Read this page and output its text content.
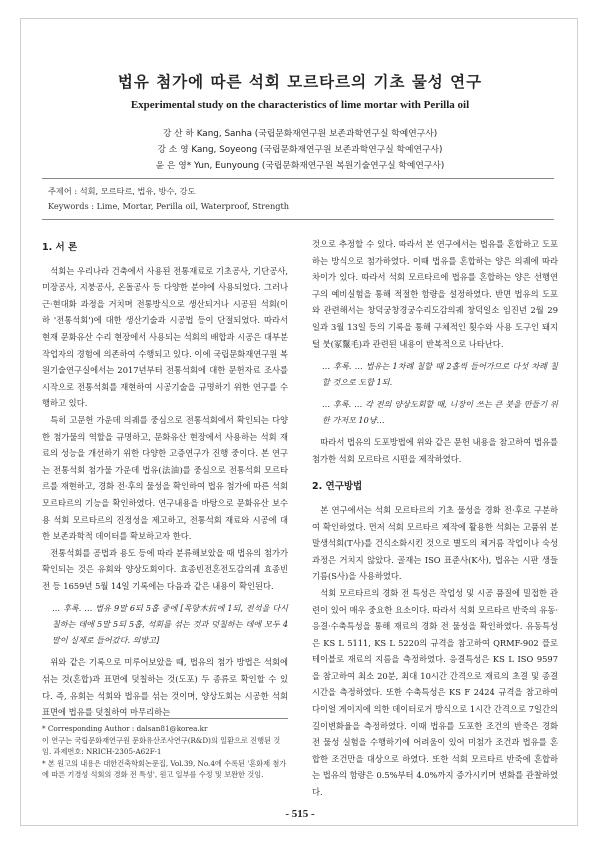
법유 첨가에 따른 석회 모르타르의 기초 물성 연구
Experimental study on the characteristics of lime mortar with Perilla oil
강 산 하 Kang, Sanha (국립문화재연구원 보존과학연구실 학예연구사)
강 소 영 Kang, Soyeong (국립문화재연구원 보존과학연구실 학예연구사)
윤 은 영* Yun, Eunyoung (국립문화재연구원 복원기술연구실 학예연구사)
주제어 : 석회, 모르타르, 법유, 방수, 강도
Keywords : Lime, Mortar, Perilla oil, Waterproof, Strength
1. 서 론

석회는 우리나라 건축에서 사용된 전통재료로 기초공사, 기단공사, 미장공사, 지붕공사, 온돌공사 등 다양한 분야에 사용되었다. 그러나 근·현대화 과정을 거치며 전통방식으로 생산되거나 시공된 석회(이하 '전통석회')에 대한 생산기술과 시공법 등이 단절되었다. 따라서 현재 문화유산 수리 현장에서 사용되는 석회의 배합과 시공은 대부분 작업자의 경험에 의존하여 수행되고 있다. 이에 국립문화재연구원 복원기술연구실에서는 2017년부터 전통석회에 대한 문헌자료 조사를 시작으로 전통석회를 재현하여 시공기술을 규명하기 위한 연구를 수행하고 있다.

특히 고문헌 가운데 의궤를 중심으로 전통석회에서 확인되는 다양한 첨가물의 역할을 규명하고, 문화유산 현장에서 사용하는 석회 재료의 성능을 개선하기 위한 다양한 고증연구가 진행 중이다. 본 연구는 전통석회 첨가물 가운데 법유(法油)를 중심으로 전통석회 모르타르를 재현하고, 경화 전·후의 물성을 확인하여 법유 첨가에 따른 석회 모르타르의 기능을 확인하였다. 연구내용을 바탕으로 문화유산 보수용 석회 모르타르의 진정성을 제고하고, 전통석회 재료와 시공에 대한 보존과학적 데이터를 확보하고자 한다.

전통석회를 공법과 용도 등에 따라 분류해보았을 때 법유의 첨가가 확인되는 것은 유회와 양상도회이다. 효종빈전혼전도감의궤 효종빈전 등 1659년 5월 14일 기록에는 다음과 같은 내용이 확인된다.

… 후록. … 법유 9말 6되 5홉 중에 [목향木抗에 1되, 전석을 다시 칠하는 데에 5말 5되 5홉, 석회를 섞는 것과 덧칠하는 데에 모두 4말이 실제로 들어갔다. 의방고]

위와 같은 기록으로 미루어보았을 때, 법유의 첨가 방법은 석회에 섞는 것(혼합)과 표면에 덧칠하는 것(도포) 두 종류로 확인할 수 있다. 즉, 유회는 석회와 법유를 섞는 것이며, 양상도회는 시공한 석회 표면에 법유를 덧칠하여 마무리하는

* Corresponding Author : dalsan81@korea.kr
이 연구는 국립문화재연구원 문화유산조사연구(R&D)의 일환으로 진행된 것임. 과제번호: NRICH-2305-A62F-1
* 본 원고의 내용은 대한건축학회논문집, Vol.39, No.4에 수록된 '혼화제 첨가에 따른 기경성 석회의 경화 전 특성', 원고 일부를 수정 및 보완한 것임.

것으로 추정할 수 있다. 따라서 본 연구에서는 법유를 혼합하고 도포하는 방식으로 첨가하였다. 이때 법유를 혼합하는 양은 의궤에 따라 차이가 있다. 따라서 석회 모르타르에 법유를 혼합하는 양은 선행연구의 예비실험을 통해 적절한 함량을 설정하였다. 반면 법유의 도포와 관련해서는 창덕궁창경궁수리도감의궤 창덕일소 임진년 2월 29일과 3월 13일 등의 기록을 통해 구체적인 횟수와 사용 도구인 돼지털 붓(冢鬣毛)과 관련된 내용이 반복적으로 나타난다.

… 후록. … 법유는 1차례 칠할 때 2홉씩 들어가므로 다섯 차례 칠할 것으로 도합 1되.
… 후록. … 각 전의 양상도회할 때, 니장이 쓰는 큰 붓을 만들기 위한 가저모 10냥…

따라서 법유의 도포방법에 위와 같은 문헌 내용을 참고하여 법유를 첨가한 석회 모르타르 시편을 제작하였다.

2. 연구방법

본 연구에서는 석회 모르타르의 기초 물성을 경화 전·후로 구분하여 확인하였다. 먼저 석회 모르타르 제작에 활용한 석회는 고품위 분말생석회(T사)를 건식소화시킨 것으로 별도의 체거름 작업이나 숙성과정은 거치지 않았다. 골재는 ISO 표준사(K사), 법유는 시판 생들기름(S사)을 사용하였다.

석회 모르타르의 경화 전 특성은 작업성 및 시공 품질에 밀접한 관련이 있어 매우 중요한 요소이다. 따라서 석회 모르타르 반죽의 유동·응결·수축특성을 통해 재료의 경화 전 물성을 확인하였다. 유동특성은 KS L 5111, KS L 5220의 규격을 참고하여 QRMF-902 플로테이블로 재료의 지름을 측정하였다. 응결특성은 KS L ISO 9597을 참고하여 최소 20분, 최대 10시간 간격으로 재료의 초결 및 종결시간을 측정하였다. 또한 수축특성은 KS F 2424 규격을 참고하여 다이얼 게이지에 의한 데이터로거 방식으로 1시간 간격으로 7일간의 길이변화율을 측정하였다. 이때 법유를 도포한 조건의 반죽은 경화 전 물성 실험을 수행하기에 어려움이 있어 미첨가 조건과 법유를 혼합한 조건만을 대상으로 하였다. 또한 석회 모르타르 반죽에 혼합하는 법유의 함량은 0.5%부터 4.0%까지 증가시키며 변화를 관찰하였다.

- 515 -
